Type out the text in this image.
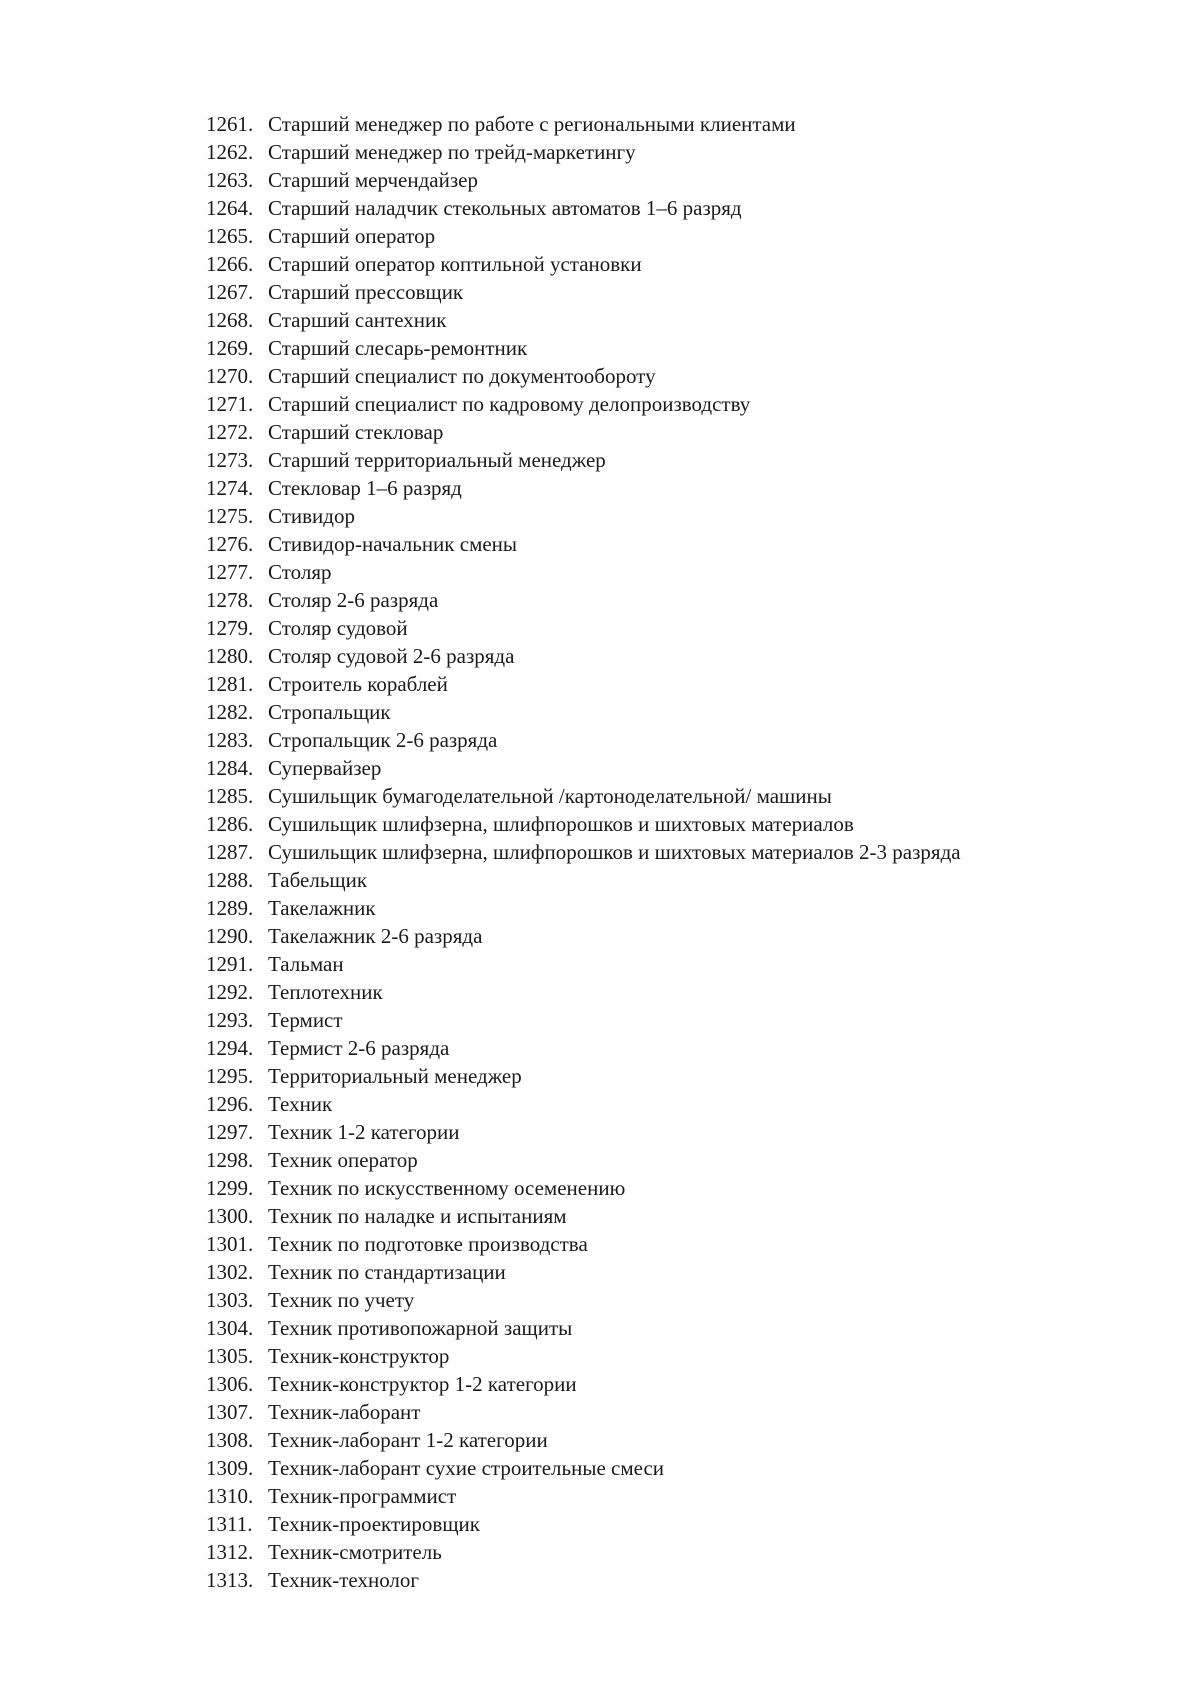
1261. Старший менеджер по работе с региональными клиентами
1262. Старший менеджер по трейд-маркетингу
1263. Старший мерчендайзер
1264. Старший наладчик стекольных автоматов 1–6 разряд
1265. Старший оператор
1266. Старший оператор коптильной установки
1267. Старший прессовщик
1268. Старший сантехник
1269. Старший слесарь-ремонтник
1270. Старший специалист по документообороту
1271. Старший специалист по кадровому делопроизводству
1272. Старший стекловар
1273. Старший территориальный менеджер
1274. Стекловар 1–6 разряд
1275. Стивидор
1276. Стивидор-начальник смены
1277. Столяр
1278. Столяр 2-6 разряда
1279. Столяр судовой
1280. Столяр судовой 2-6 разряда
1281. Строитель кораблей
1282. Стропальщик
1283. Стропальщик 2-6 разряда
1284. Супервайзер
1285. Сушильщик бумагоделательной /картоноделательной/ машины
1286. Сушильщик шлифзерна, шлифпорошков и шихтовых материалов
1287. Сушильщик шлифзерна, шлифпорошков и шихтовых материалов 2-3 разряда
1288. Табельщик
1289. Такелажник
1290. Такелажник 2-6 разряда
1291. Тальман
1292. Теплотехник
1293. Термист
1294. Термист 2-6 разряда
1295. Территориальный менеджер
1296. Техник
1297. Техник 1-2 категории
1298. Техник оператор
1299. Техник по искусственному осеменению
1300. Техник по наладке и испытаниям
1301. Техник по подготовке производства
1302. Техник по стандартизации
1303. Техник по учету
1304. Техник противопожарной защиты
1305. Техник-конструктор
1306. Техник-конструктор 1-2 категории
1307. Техник-лаборант
1308. Техник-лаборант 1-2 категории
1309. Техник-лаборант сухие строительные смеси
1310. Техник-программист
1311. Техник-проектировщик
1312. Техник-смотритель
1313. Техник-технолог
